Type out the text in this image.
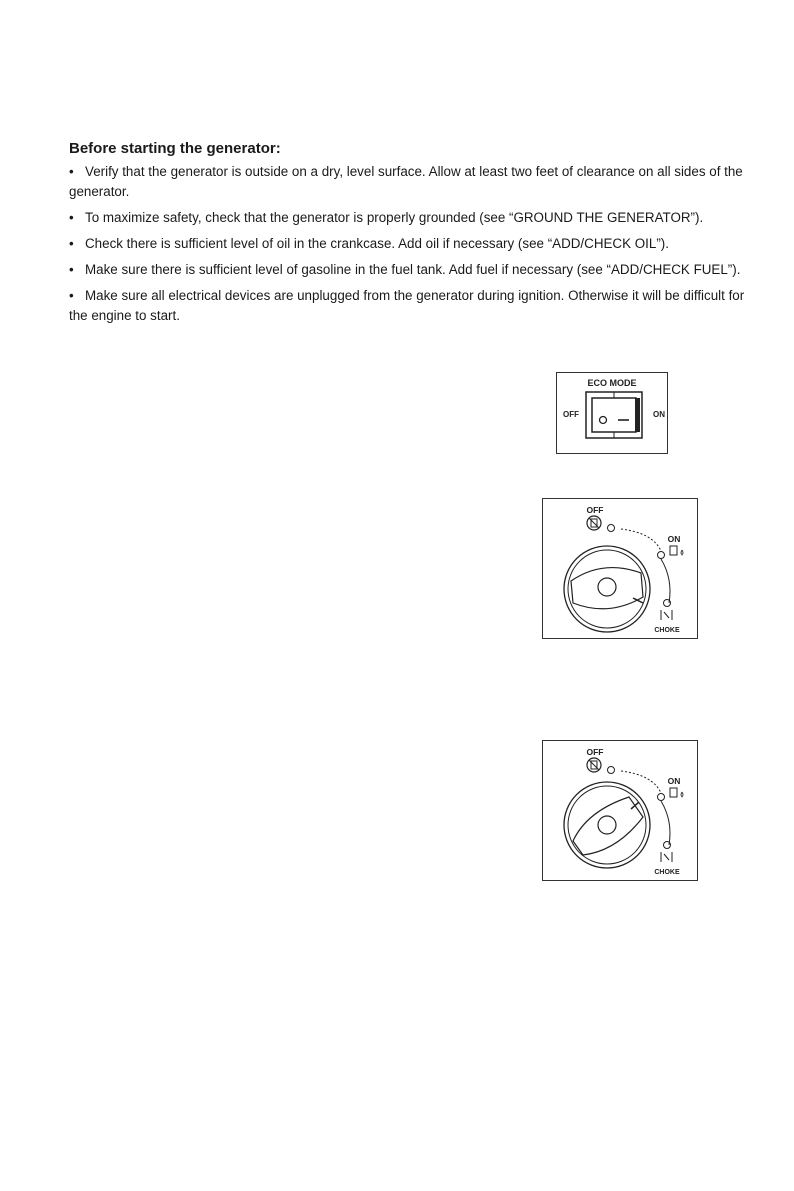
Before starting the generator:
• Verify that the generator is outside on a dry, level surface. Allow at least two feet of clearance on all sides of the generator.
• To maximize safety, check that the generator is properly grounded (see “GROUND THE GENERATOR”).
• Check there is sufficient level of oil in the crankcase. Add oil if necessary (see “ADD/CHECK OIL”).
• Make sure there is sufficient level of gasoline in the fuel tank. Add fuel if necessary (see “ADD/CHECK FUEL”).
• Make sure all electrical devices are unplugged from the generator during ignition. Otherwise it will be difficult for the engine to start.
ECO MODE
OFF	ON
OFF
ON
CHOKE
OFF
ON
CHOKE
